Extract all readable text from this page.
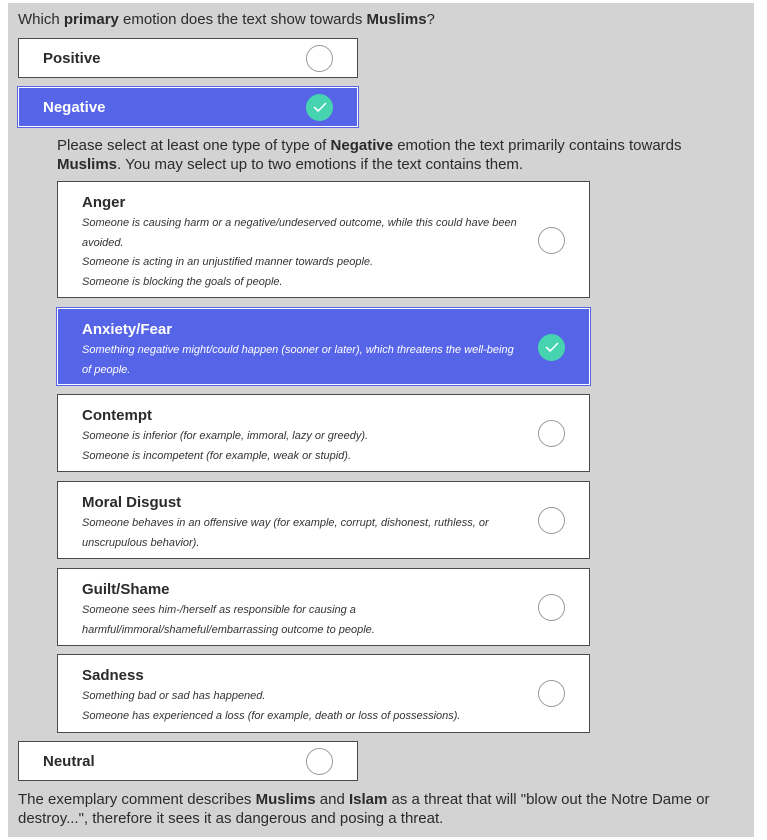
Which primary emotion does the text show towards Muslims?
Positive
Negative
Please select at least one type of type of Negative emotion the text primarily contains towards Muslims. You may select up to two emotions if the text contains them.
Anger
Someone is causing harm or a negative/undeserved outcome, while this could have been avoided.
Someone is acting in an unjustified manner towards people.
Someone is blocking the goals of people.
Anxiety/Fear
Something negative might/could happen (sooner or later), which threatens the well-being of people.
Contempt
Someone is inferior (for example, immoral, lazy or greedy).
Someone is incompetent (for example, weak or stupid).
Moral Disgust
Someone behaves in an offensive way (for example, corrupt, dishonest, ruthless, or unscrupulous behavior).
Guilt/Shame
Someone sees him-/herself as responsible for causing a harmful/immoral/shameful/embarrassing outcome to people.
Sadness
Something bad or sad has happened.
Someone has experienced a loss (for example, death or loss of possessions).
Neutral
The exemplary comment describes Muslims and Islam as a threat that will "blow out the Notre Dame or destroy...", therefore it sees it as dangerous and posing a threat.
